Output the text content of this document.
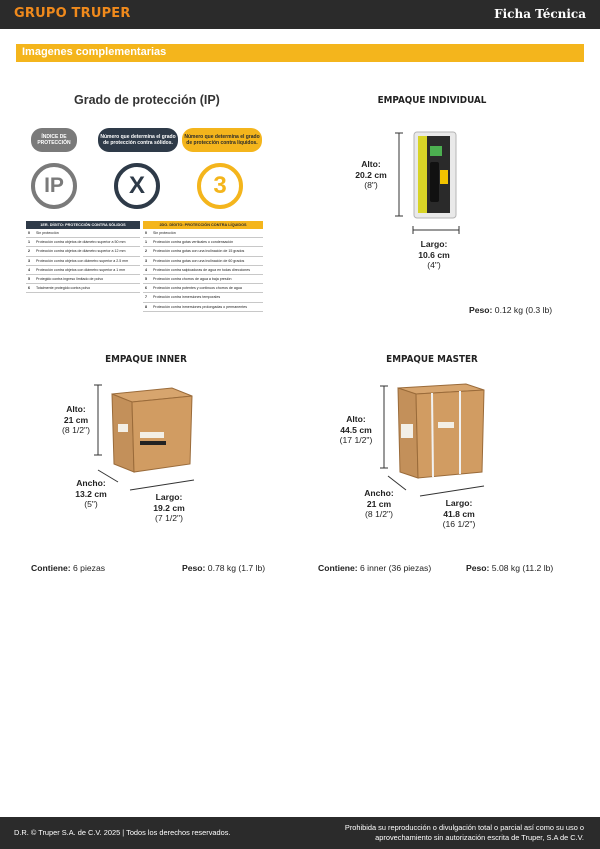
GRUPO TRUPER	Ficha Técnica
Imagenes complementarias
Grado de protección (IP)
ÍNDICE DE PROTECCIÓN
Número que determina el grado de protección contra sólidos.
Número que determina el grado de protección contra líquidos.
IP	X	3
1ER. DÍGITO: PROTECCIÓN CONTRA SÓLIDOS
0	Sin protección
1	Protección contra objetos de diámetro superior a 50 mm
2	Protección contra objetos de diámetro superior a 12 mm
3	Protección contra objetos con diámetro superior a 2.5 mm
4	Protección contra objetos con diámetro superior a 1 mm
5	Protegido contra ingreso limitado de polvo
6	Totalmente protegido contra polvo
2DO. DÍGITO: PROTECCIÓN CONTRA LÍQUIDOS
0	Sin protección
1	Protección contra gotas verticales o condensación
2	Protección contra gotas con una inclinación de 15 grados
3	Protección contra gotas con una inclinación de 60 grados
4	Protección contra salpicaduras de agua en todas direcciones
5	Protección contra chorros de agua a baja presión
6	Protección contra potentes y continuos chorros de agua
7	Protección contra inmersiones temporales
8	Protección contra inmersiones prolongadas o permanentes
EMPAQUE INDIVIDUAL
Alto:
20.2 cm
(8")
Largo:
10.6 cm
(4")
Peso: 0.12 kg (0.3 lb)
EMPAQUE INNER
Alto:
21 cm
(8 1/2")
Ancho:
13.2 cm
(5")
Largo:
19.2 cm
(7 1/2")
Contiene: 6 piezas	Peso: 0.78 kg (1.7 lb)
EMPAQUE MASTER
Alto:
44.5 cm
(17 1/2")
Ancho:
21 cm
(8 1/2")
Largo:
41.8 cm
(16 1/2")
Contiene: 6 inner (36 piezas)	Peso: 5.08 kg (11.2 lb)
D.R. © Truper S.A. de C.V. 2025 | Todos los derechos reservados.
Prohibida su reproducción o divulgación total o parcial así como su uso o
aprovechamiento sin autorización escrita de Truper, S.A de C.V.
